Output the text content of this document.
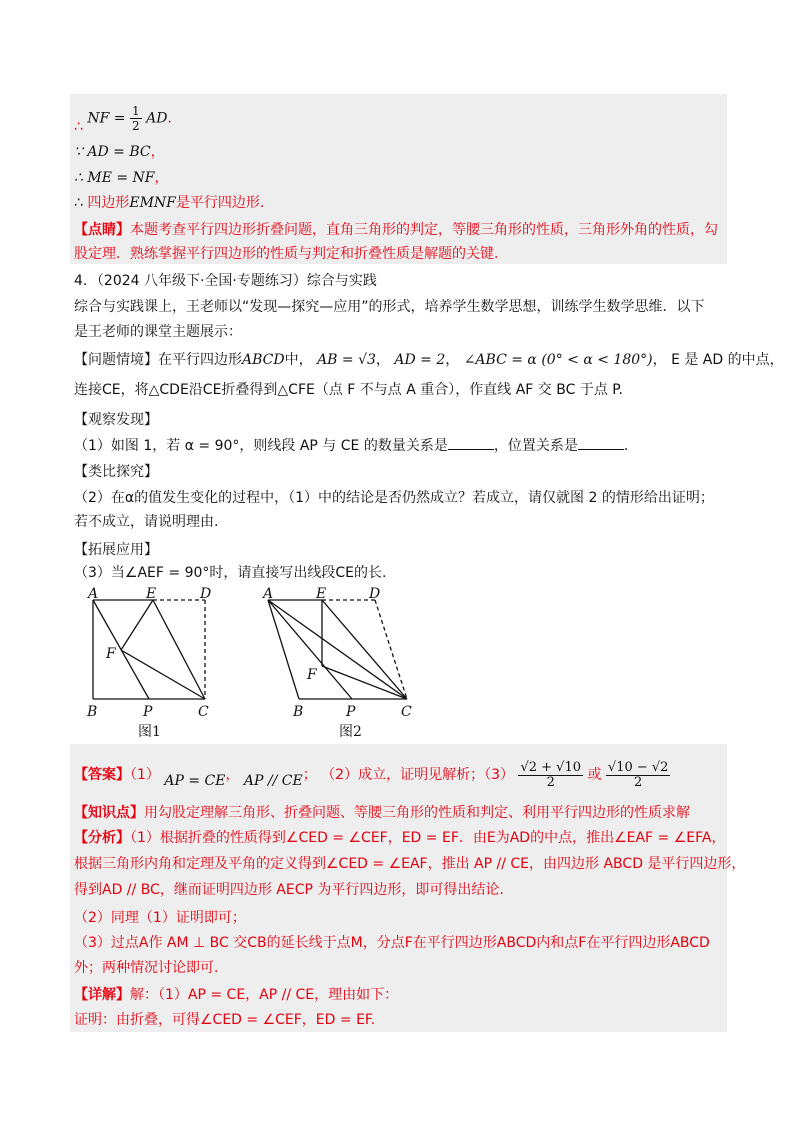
∴ NF = $\frac{1}{2}$ AD.
∵ AD = BC，
∴ ME = NF，
∴ 四边形EMNF是平行四边形.
【点睛】本题考查平行四边形折叠问题，直角三角形的判定，等腰三角形的性质，三角形外角的性质，勾
股定理．熟练掌握平行四边形的性质与判定和折叠性质是解题的关键.
4．（2024 八年级下·全国·专题练习）综合与实践
综合与实践课上，王老师以“发现—探究—应用”的形式，培养学生数学思想，训练学生数学思维．以下
是王老师的课堂主题展示：
【问题情境】在平行四边形ABCD中， AB = √3， AD = 2， ∠ABC = α (0° < α < 180°)， E 是 AD 的中点，
连接CE，将△CDE沿CE折叠得到△CFE（点 F 不与点 A 重合），作直线 AF 交 BC 于点 P.
【观察发现】
（1）如图 1，若 α = 90°，则线段 AP 与 CE 的数量关系是	，位置关系是	.
【类比探究】
（2）在α的值发生变化的过程中，（1）中的结论是否仍然成立？若成立，请仅就图 2 的情形给出证明；
若不成立，请说明理由.
【拓展应用】
（3）当∠AEF = 90°时，请直接写出线段CE的长.
A	E	D
F
B	P	C
图1
A	E	D
F
B	P	C
图2
【答案】（1） AP = CE， AP // CE； （2）成立，证明见解析；$(3) \frac{√2 + √10}{2}$ 或 $\frac{√10 - √2}{2}$
【知识点】用勾股定理解三角形、折叠问题、等腰三角形的性质和判定、利用平行四边形的性质求解
【分析】（1）根据折叠的性质得到∠CED = ∠CEF，ED = EF．由E为AD的中点，推出∠EAF = ∠EFA，
根据三角形内角和定理及平角的定义得到∠CED = ∠EAF，推出 AP // CE，由四边形 ABCD 是平行四边形，
得到AD // BC，继而证明四边形 AECP 为平行四边形，即可得出结论.
（2）同理（1）证明即可；
（3）过点A作 AM ⊥ BC 交CB的延长线于点M，分点F在平行四边形ABCD内和点F在平行四边形ABCD
外；两种情况讨论即可.
【详解】解：（1）AP = CE，AP // CE，理由如下：
证明：由折叠，可得∠CED = ∠CEF，ED = EF.
